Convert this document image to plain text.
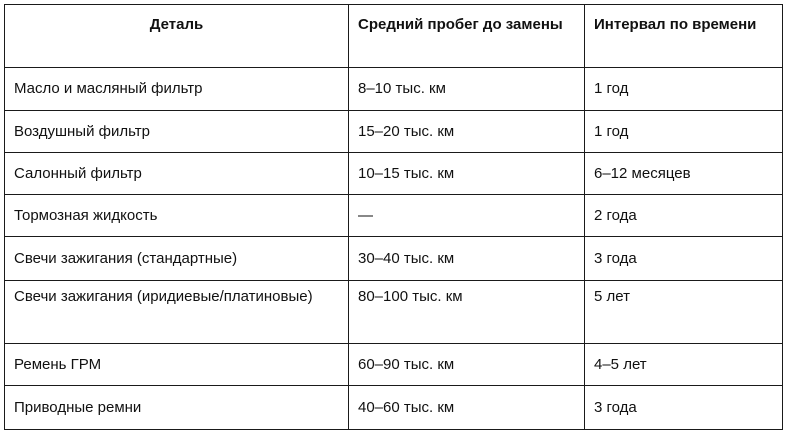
Деталь	Средний пробег до замены	Интервал по времени
Масло и масляный фильтр	8–10 тыс. км	1 год
Воздушный фильтр	15–20 тыс. км	1 год
Салонный фильтр	10–15 тыс. км	6–12 месяцев
Тормозная жидкость	—	2 года
Свечи зажигания (стандартные)	30–40 тыс. км	3 года
Свечи зажигания (иридиевые/платиновые)	80–100 тыс. км	5 лет
Ремень ГРМ	60–90 тыс. км	4–5 лет
Приводные ремни	40–60 тыс. км	3 года
